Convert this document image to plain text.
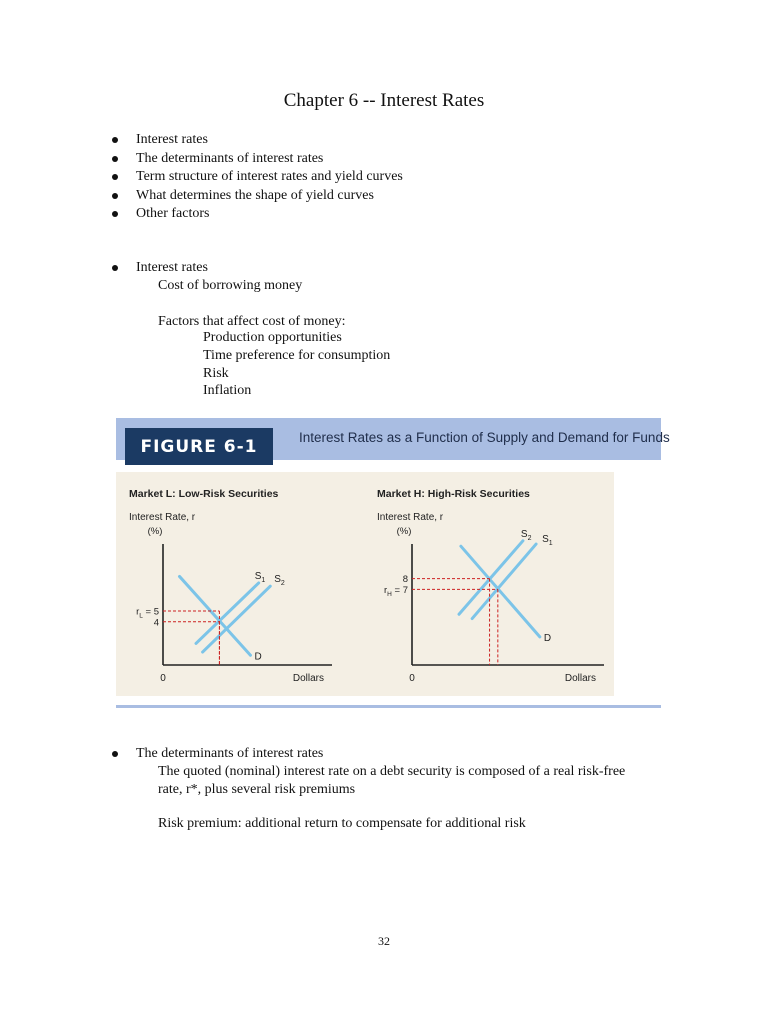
Chapter 6 -- Interest Rates
Interest rates
The determinants of interest rates
Term structure of interest rates and yield curves
What determines the shape of yield curves
Other factors
Interest rates
Cost of borrowing money
Factors that affect cost of money:
Production opportunities
Time preference for consumption
Risk
Inflation
FIGURE 6-1	Interest Rates as a Function of Supply and Demand for Funds
Market L: Low-Risk Securities
Interest Rate, r
(%)
Dollars
0
D
$S_1$ $S_2$
$r_L = 5$
4
Market H: High-Risk Securities
Interest Rate, r
(%)
Dollars
0
D
$S_1$
$S_2$
8
$r_H = 7$
The determinants of interest rates
The quoted (nominal) interest rate on a debt security is composed of a real risk-free rate, r*, plus several risk premiums
Risk premium: additional return to compensate for additional risk
32
